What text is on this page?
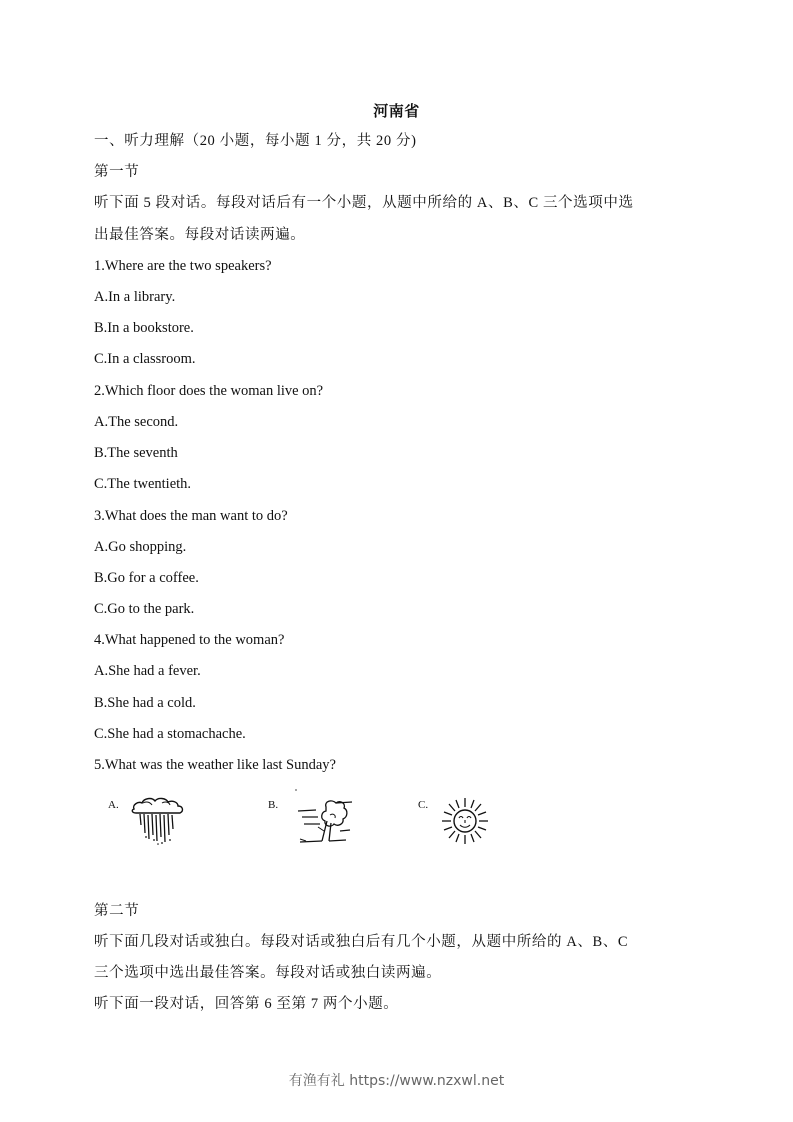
河南省
一、听力理解（20 小题，每小题 1 分，共 20 分)
第一节
听下面 5 段对话。每段对话后有一个小题，从题中所给的 A、B、C 三个选项中选
出最佳答案。每段对话读两遍。
1.Where are the two speakers?
A.In a library.
B.In a bookstore.
C.In a classroom.
2.Which floor does the woman live on?
A.The second.
B.The seventh
C.The twentieth.
3.What does the man want to do?
A.Go shopping.
B.Go for a coffee.
C.Go to the park.
4.What happened to the woman?
A.She had a fever.
B.She had a cold.
C.She had a stomachache.
5.What was the weather like last Sunday?
A.	B.	C.
第二节
听下面几段对话或独白。每段对话或独白后有几个小题，从题中所给的 A、B、C
三个选项中选出最佳答案。每段对话或独白读两遍。
听下面一段对话，回答第 6 至第 7 两个小题。
有渔有礼 https://www.nzxwl.net
